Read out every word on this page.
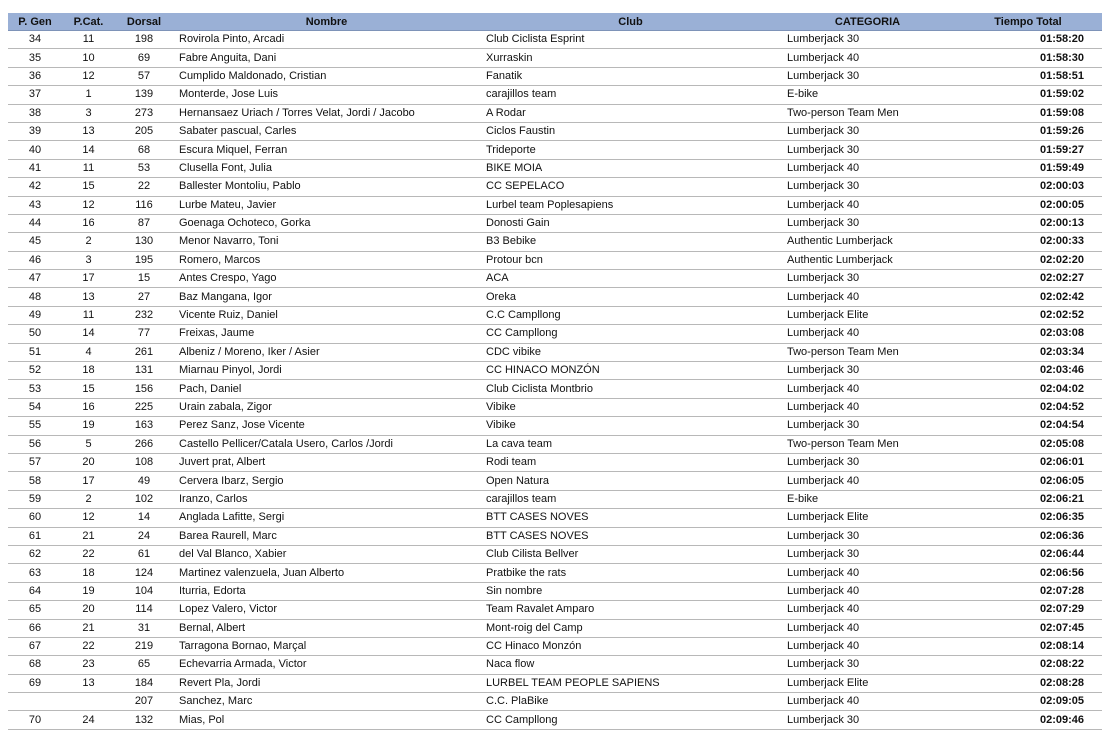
P. Gen	P.Cat.	Dorsal	Nombre	Club	CATEGORIA	Tiempo Total
34	11	198	Rovirola Pinto, Arcadi	Club Ciclista Esprint	Lumberjack 30	01:58:20
35	10	69	Fabre Anguita, Dani	Xurraskin	Lumberjack 40	01:58:30
36	12	57	Cumplido Maldonado, Cristian	Fanatik	Lumberjack 30	01:58:51
37	1	139	Monterde, Jose Luis	carajillos team	E-bike	01:59:02
38	3	273	Hernansaez Uriach / Torres Velat, Jordi / Jacobo	A Rodar	Two-person Team Men	01:59:08
39	13	205	Sabater pascual, Carles	Ciclos Faustin	Lumberjack 30	01:59:26
40	14	68	Escura Miquel, Ferran	Trideporte	Lumberjack 30	01:59:27
41	11	53	Clusella Font, Julia	BIKE MOIA	Lumberjack 40	01:59:49
42	15	22	Ballester Montoliu, Pablo	CC SEPELACO	Lumberjack 30	02:00:03
43	12	116	Lurbe Mateu, Javier	Lurbel team Poplesapiens	Lumberjack 40	02:00:05
44	16	87	Goenaga Ochoteco, Gorka	Donosti Gain	Lumberjack 30	02:00:13
45	2	130	Menor Navarro, Toni	B3 Bebike	Authentic Lumberjack	02:00:33
46	3	195	Romero, Marcos	Protour bcn	Authentic Lumberjack	02:02:20
47	17	15	Antes Crespo, Yago	ACA	Lumberjack 30	02:02:27
48	13	27	Baz Mangana, Igor	Oreka	Lumberjack 40	02:02:42
49	11	232	Vicente Ruiz, Daniel	C.C Campllong	Lumberjack Elite	02:02:52
50	14	77	Freixas, Jaume	CC Campllong	Lumberjack 40	02:03:08
51	4	261	Albeniz / Moreno, Iker / Asier	CDC vibike	Two-person Team Men	02:03:34
52	18	131	Miarnau Pinyol, Jordi	CC HINACO MONZÓN	Lumberjack 30	02:03:46
53	15	156	Pach, Daniel	Club Ciclista Montbrio	Lumberjack 40	02:04:02
54	16	225	Urain zabala, Zigor	Vibike	Lumberjack 40	02:04:52
55	19	163	Perez Sanz, Jose Vicente	Vibike	Lumberjack 30	02:04:54
56	5	266	Castello Pellicer/Catala Usero, Carlos /Jordi	La cava team	Two-person Team Men	02:05:08
57	20	108	Juvert prat, Albert	Rodi team	Lumberjack 30	02:06:01
58	17	49	Cervera Ibarz, Sergio	Open Natura	Lumberjack 40	02:06:05
59	2	102	Iranzo, Carlos	carajillos team	E-bike	02:06:21
60	12	14	Anglada Lafitte, Sergi	BTT CASES NOVES	Lumberjack Elite	02:06:35
61	21	24	Barea Raurell, Marc	BTT CASES NOVES	Lumberjack 30	02:06:36
62	22	61	del Val Blanco, Xabier	Club Cilista Bellver	Lumberjack 30	02:06:44
63	18	124	Martinez valenzuela, Juan Alberto	Pratbike the rats	Lumberjack 40	02:06:56
64	19	104	Iturria, Edorta	Sin nombre	Lumberjack 40	02:07:28
65	20	114	Lopez Valero, Victor	Team Ravalet Amparo	Lumberjack 40	02:07:29
66	21	31	Bernal, Albert	Mont-roig del Camp	Lumberjack 40	02:07:45
67	22	219	Tarragona Bornao, Marçal	CC Hinaco Monzón	Lumberjack 40	02:08:14
68	23	65	Echevarria Armada, Victor	Naca flow	Lumberjack 30	02:08:22
69	13	184	Revert Pla, Jordi	LURBEL TEAM PEOPLE SAPIENS	Lumberjack Elite	02:08:28
		207	Sanchez, Marc	C.C. PlaBike	Lumberjack 40	02:09:05
70	24	132	Mias, Pol	CC Campllong	Lumberjack 30	02:09:46
